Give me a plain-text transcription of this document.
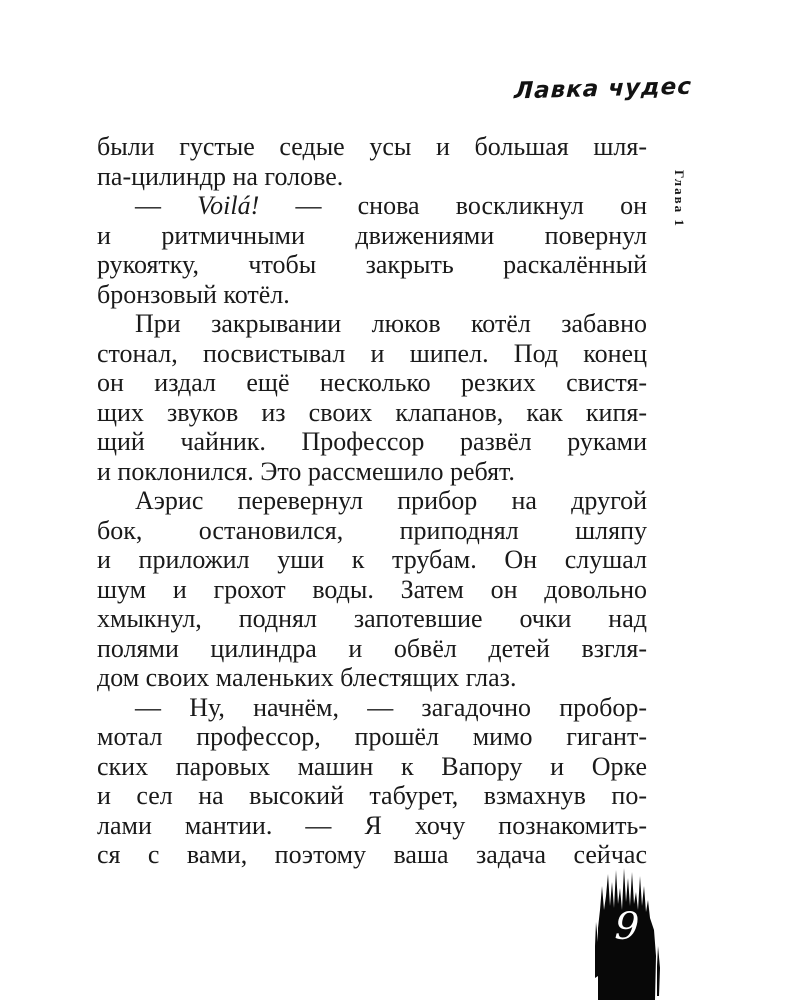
Лавка чудес
Глава 1
были густые седые усы и большая шля-
па-цилиндр на голове.
— Voilá! — снова воскликнул он
и ритмичными движениями повернул
рукоятку, чтобы закрыть раскалённый
бронзовый котёл.
При закрывании люков котёл забавно
стонал, посвистывал и шипел. Под конец
он издал ещё несколько резких свистя-
щих звуков из своих клапанов, как кипя-
щий чайник. Профессор развёл руками
и поклонился. Это рассмешило ребят.
Аэрис перевернул прибор на другой
бок, остановился, приподнял шляпу
и приложил уши к трубам. Он слушал
шум и грохот воды. Затем он довольно
хмыкнул, поднял запотевшие очки над
полями цилиндра и обвёл детей взгля-
дом своих маленьких блестящих глаз.
— Ну, начнём, — загадочно пробор-
мотал профессор, прошёл мимо гигант-
ских паровых машин к Вапору и Орке
и сел на высокий табурет, взмахнув по-
лами мантии. — Я хочу познакомить-
ся с вами, поэтому ваша задача сейчас
9
